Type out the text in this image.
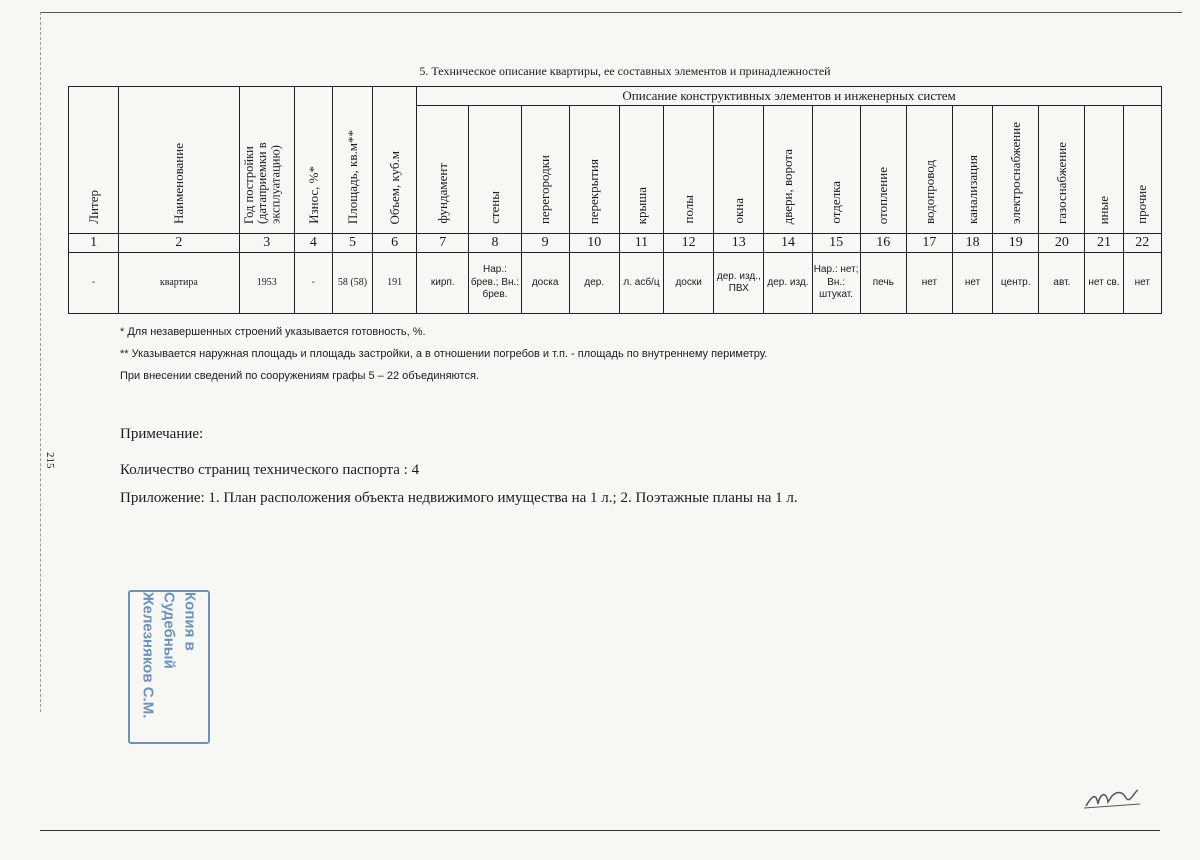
215
5. Техническое описание квартиры, ее составных элементов и принадлежностей
Литер	Наименование	Год постройки (датаприемки в эксплуатацию)	Износ, %*	Площадь, кв.м**	Объем, куб.м	Описание конструктивных элементов и инженерных систем															
						фундамент	стены	перегородки	перекрытия	крыша	полы	окна	двери, ворота	отделка	отопление	водопровод	канализация	электроснабжение	газоснабжение	иные	прочие
1	2	3	4	5	6	7	8	9	10	11	12	13	14	15	16	17	18	19	20	21	22
-	квартира	1953	-	58 (58)	191	кирп.	Нар.: брев.; Вн.: брев.	доска	дер.	л. асб/ц	доски	дер. изд., ПВХ	дер. изд.	Нар.: нет; Вн.: штукат.	печь	нет	нет	центр.	авт.	нет св.	нет
* Для незавершенных строений указывается готовность, %.
** Указывается наружная площадь и площадь застройки, а в отношении погребов и т.п. - площадь по внутреннему периметру.
При внесении сведений по сооружениям графы 5 – 22 объединяются.
Примечание:
Количество страниц технического паспорта : 4
Приложение: 1. План расположения объекта недвижимого имущества на 1 л.; 2. Поэтажные планы на 1 л.
Копия в
Судебный
Железняков С.М.
